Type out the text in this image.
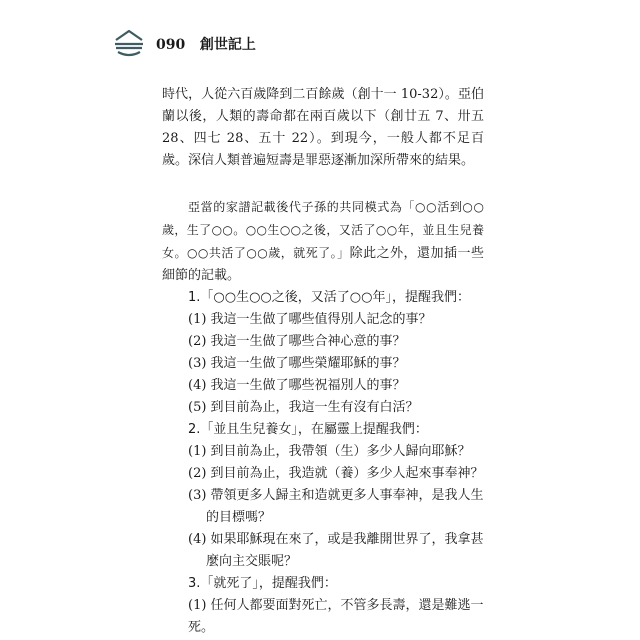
090 創世記上

時代，人從六百歲降到二百餘歲（創十一 10-32）。亞伯蘭以後，人類的壽命都在兩百歲以下（創廿五 7、卅五 28、四七 28、五十 22）。到現今，一般人都不足百歲。深信人類普遍短壽是罪惡逐漸加深所帶來的結果。

亞當的家譜記載後代子孫的共同模式為「○○活到○○歲，生了○○。○○生○○之後，又活了○○年，並且生兒養女。○○共活了○○歲，就死了。」除此之外，還加插一些細節的記載。

1.「○○生○○之後，又活了○○年」，提醒我們：

(1) 我這一生做了哪些值得別人記念的事？

(2) 我這一生做了哪些合神心意的事？

(3) 我這一生做了哪些榮耀耶穌的事？

(4) 我這一生做了哪些祝福別人的事？

(5) 到目前為止，我這一生有沒有白活？

2.「並且生兒養女」，在屬靈上提醒我們：

(1) 到目前為止，我帶領（生）多少人歸向耶穌？

(2) 到目前為止，我造就（養）多少人起來事奉神？

(3) 帶領更多人歸主和造就更多人事奉神，是我人生的目標嗎？

(4) 如果耶穌現在來了，或是我離開世界了，我拿甚麼向主交賬呢？

3.「就死了」，提醒我們：

(1) 任何人都要面對死亡，不管多長壽，還是難逃一死。
